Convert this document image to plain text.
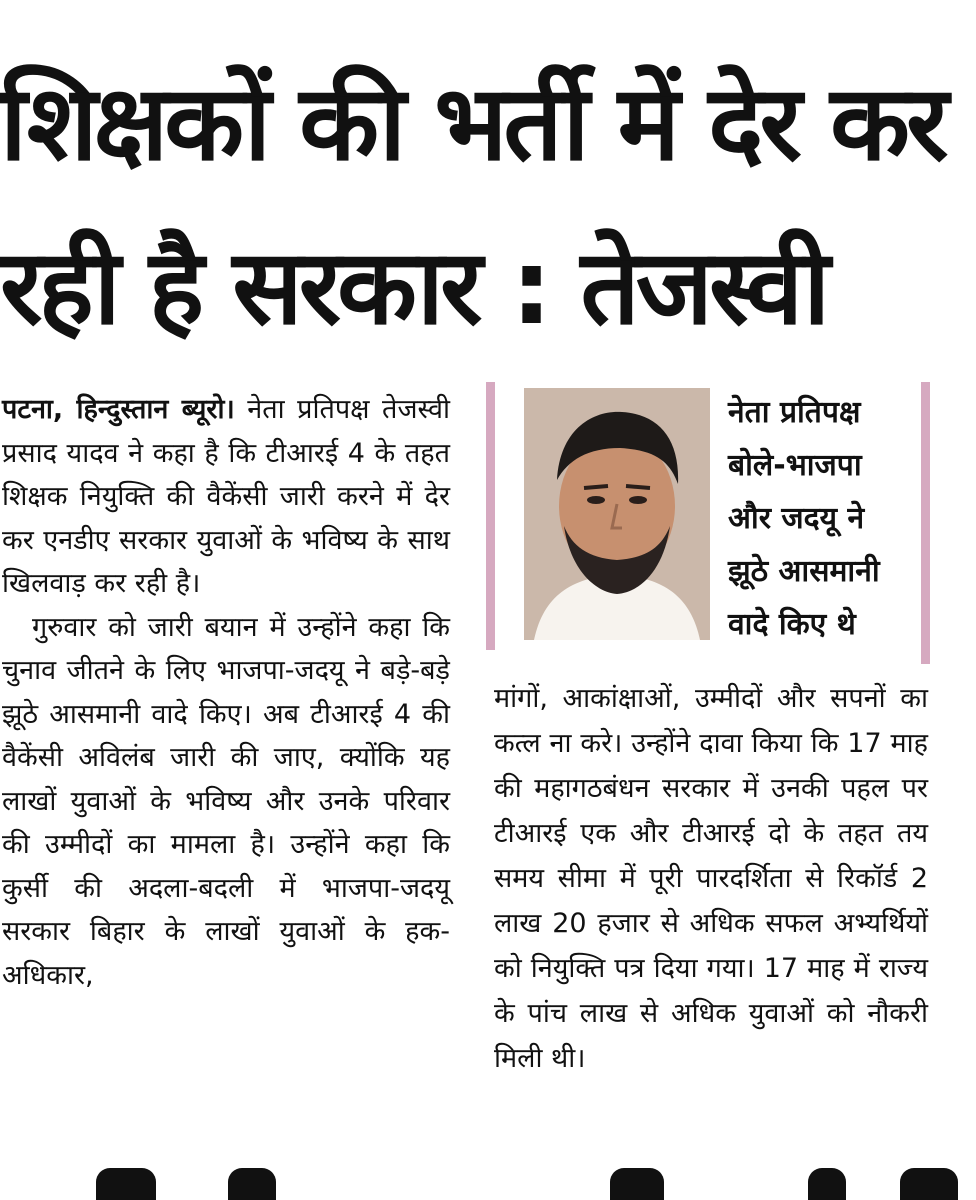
शिक्षकों की भर्ती में देर कर
रही है सरकार : तेजस्वी

पटना, हिन्दुस्तान ब्यूरो। नेता प्रतिपक्ष तेजस्वी प्रसाद यादव ने कहा है कि टीआरई 4 के तहत शिक्षक नियुक्ति की वैकेंसी जारी करने में देर कर एनडीए सरकार युवाओं के भविष्य के साथ खिलवाड़ कर रही है।

गुरुवार को जारी बयान में उन्होंने कहा कि चुनाव जीतने के लिए भाजपा-जदयू ने बड़े-बड़े झूठे आसमानी वादे किए। अब टीआरई 4 की वैकेंसी अविलंब जारी की जाए, क्योंकि यह लाखों युवाओं के भविष्य और उनके परिवार की उम्मीदों का मामला है। उन्होंने कहा कि कुर्सी की अदला-बदली में भाजपा-जदयू सरकार बिहार के लाखों युवाओं के हक-अधिकार,

नेता प्रतिपक्ष बोले-भाजपा और जदयू ने झूठे आसमानी वादे किए थे

मांगों, आकांक्षाओं, उम्मीदों और सपनों का कत्ल ना करे। उन्होंने दावा किया कि 17 माह की महागठबंधन सरकार में उनकी पहल पर टीआरई एक और टीआरई दो के तहत तय समय सीमा में पूरी पारदर्शिता से रिकॉर्ड 2 लाख 20 हजार से अधिक सफल अभ्यर्थियों को नियुक्ति पत्र दिया गया। 17 माह में राज्य के पांच लाख से अधिक युवाओं को नौकरी मिली थी।
